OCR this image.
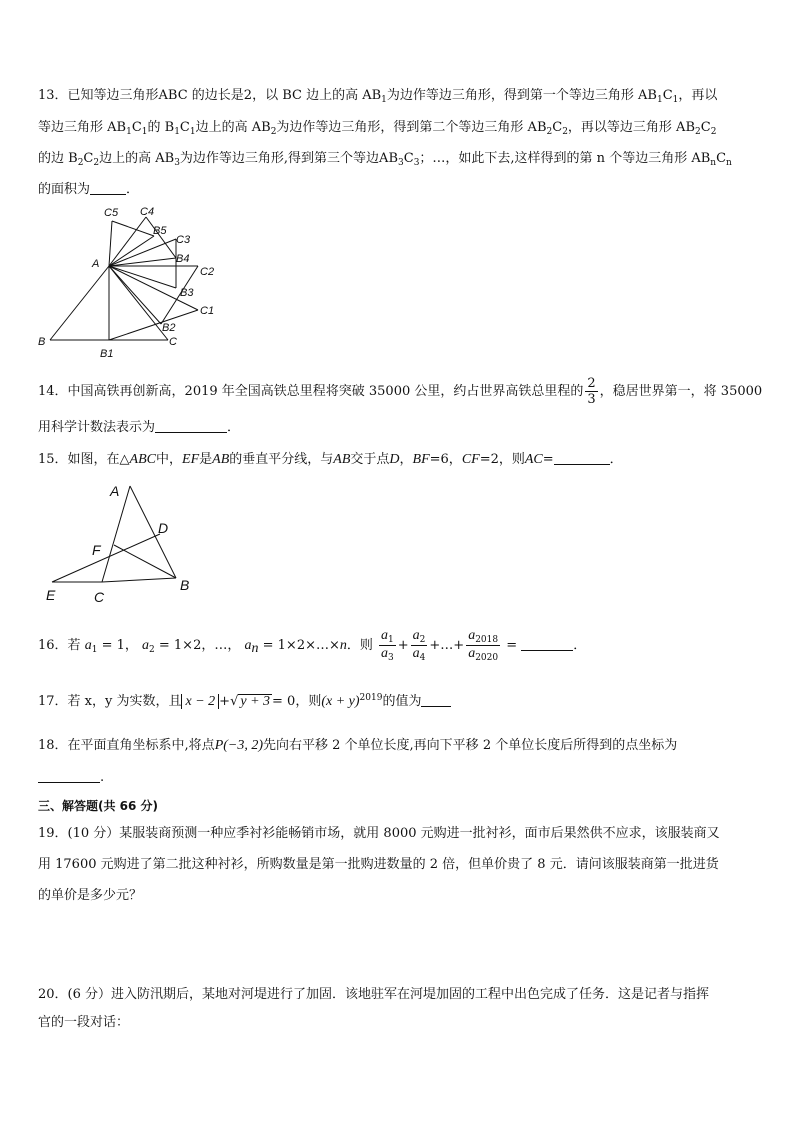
13．已知等边三角形ABC 的边长是2，以 BC 边上的高 $AB_1$为边作等边三角形，得到第一个等边三角形 $AB_1C_1$，再以
等边三角形 $AB_1C_1$的 $B_1C_1$边上的高 $AB_2$为边作等边三角形，得到第二个等边三角形 $AB_2C_2$，再以等边三角形 $AB_2C_2$
的边 $B_2C_2$边上的高 $AB_3$为边作等边三角形,得到第三个等边$AB_3C_3$；…，如此下去,这样得到的第 n 个等边三角形 $AB_nC_n$
的面积为	．
C5 C4
B5
C3
B4
A
C2
B3
C1
B2
B
B1
C
14．中国高铁再创新高，2019 年全国高铁总里程将突破 35000 公里，约占世界高铁总里程的 $\frac{2}{3}$ ，稳居世界第一，将 35000
用科学计数法表示为	．
15．如图，在△ABC中，EF是AB的垂直平分线，与AB交于点D，BF=6，CF=2，则AC=	．
A
D
F
E	C
B
16．若 $a_1 = 1$， $a_2 = 1\times 2$，…， $a_n$ = 1×2×…×n．则 $\frac{a_1}{a_3} + \frac{a_2}{a_4}$ +…+ $\frac{a_{2018}}{a_{2020}}$ =	．
17．若 x，y 为实数，且 x − 2 +√ y + 3 = 0，则$(x + y)^{2019}$的值为
18．在平面直角坐标系中,将点P(−3, 2)先向右平移 2 个单位长度,再向下平移 2 个单位长度后所得到的点坐标为
.
三、解答题(共 66 分)
19．(10 分）某服装商预测一种应季衬衫能畅销市场，就用 8000 元购进一批衬衫，面市后果然供不应求，该服装商又
用 17600 元购进了第二批这种衬衫，所购数量是第一批购进数量的 2 倍，但单价贵了 8 元．请问该服装商第一批进货
的单价是多少元？
20．(6 分）进入防汛期后，某地对河堤进行了加固．该地驻军在河堤加固的工程中出色完成了任务．这是记者与指挥
官的一段对话：
